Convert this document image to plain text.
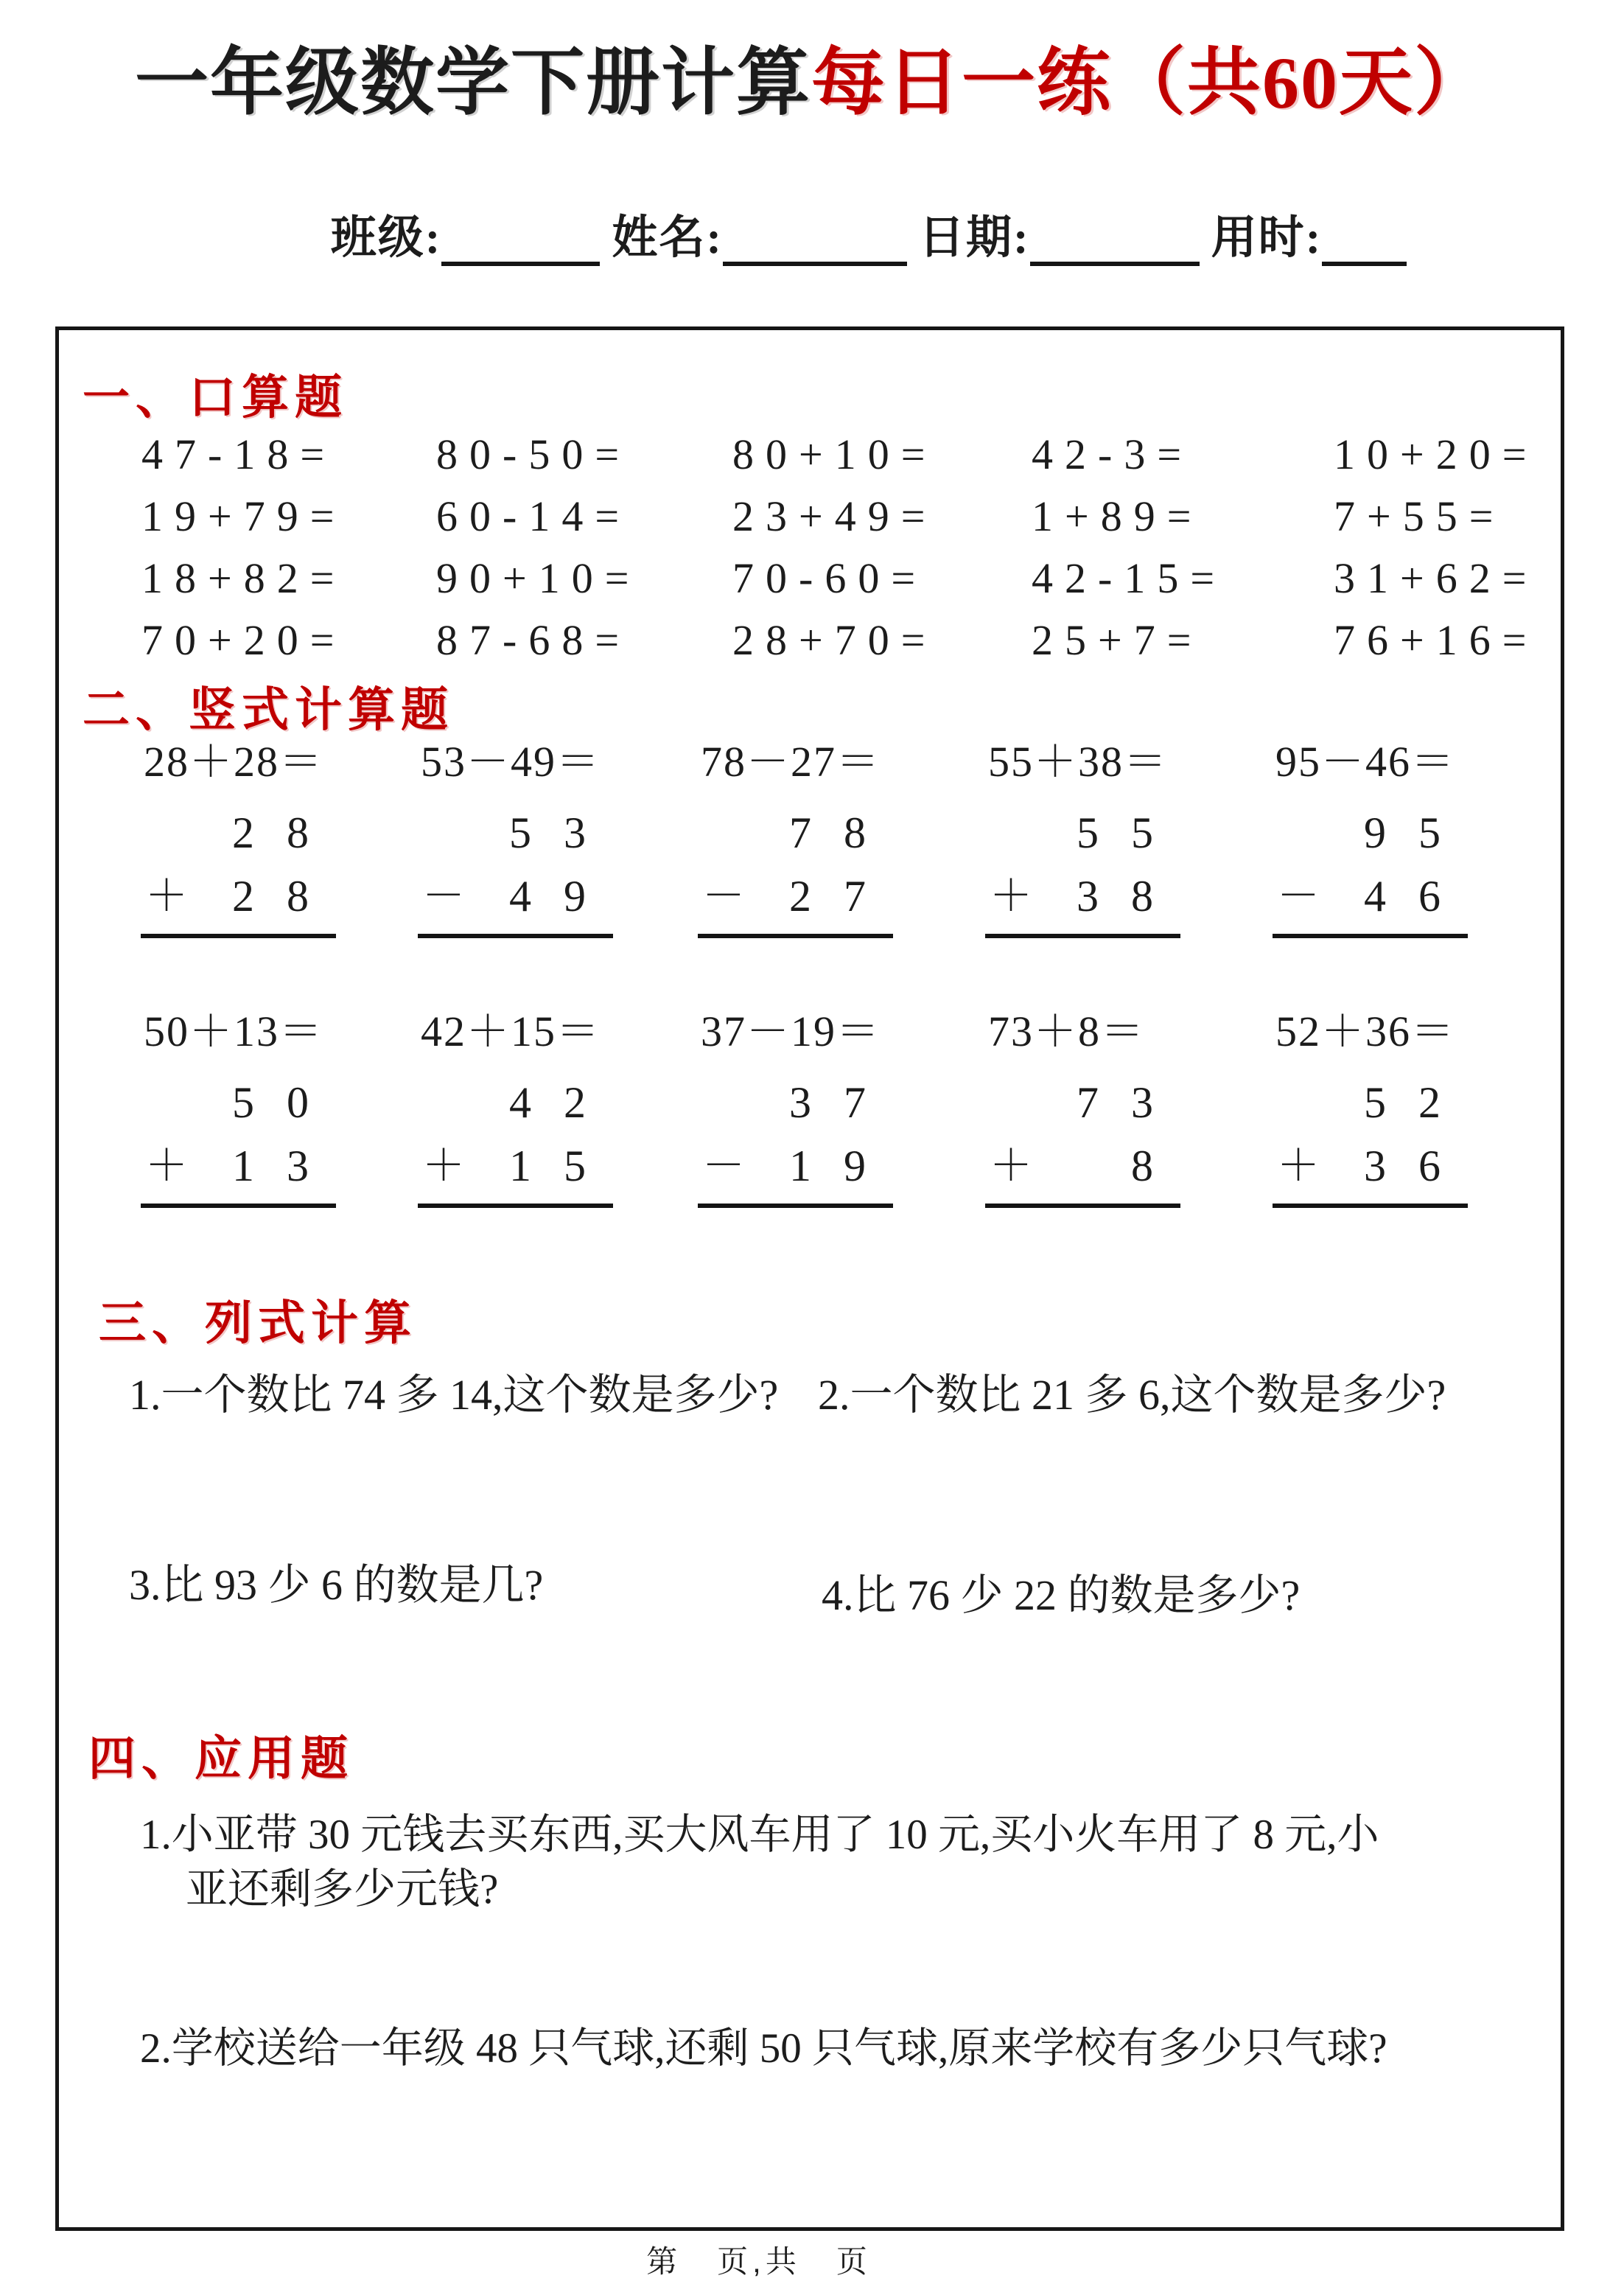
一年级数学下册计算每日一练（共60天）
班级:	姓名:	日期:	用时:
一、口算题
47-18=	80-50=	80+10=	42-3=	10+20=
19+79=	60-14=	23+49=	1+89=	7+55=
18+82=	90+10=	70-60=	42-15=	31+62=
70+20=	87-68=	28+70=	25+7=	76+16=
二、竖式计算题
28＋28＝
28
＋ 28
53－49＝
53
－ 49
78－27＝
78
－ 27
55＋38＝
55
＋ 38
95－46＝
95
－ 46
50＋13＝
50
＋ 13
42＋15＝
42
＋ 15
37－19＝
37
－ 19
73＋8＝
73
＋  8
52＋36＝
52
＋ 36
三、列式计算
1.一个数比 74 多 14,这个数是多少? 2.一个数比 21 多 6,这个数是多少?
3.比 93 少 6 的数是几?	4.比 76 少 22 的数是多少?
四、应用题
1.小亚带 30 元钱去买东西,买大风车用了 10 元,买小火车用了 8 元,小
亚还剩多少元钱?
2.学校送给一年级 48 只气球,还剩 50 只气球,原来学校有多少只气球?
第　页,共　页
